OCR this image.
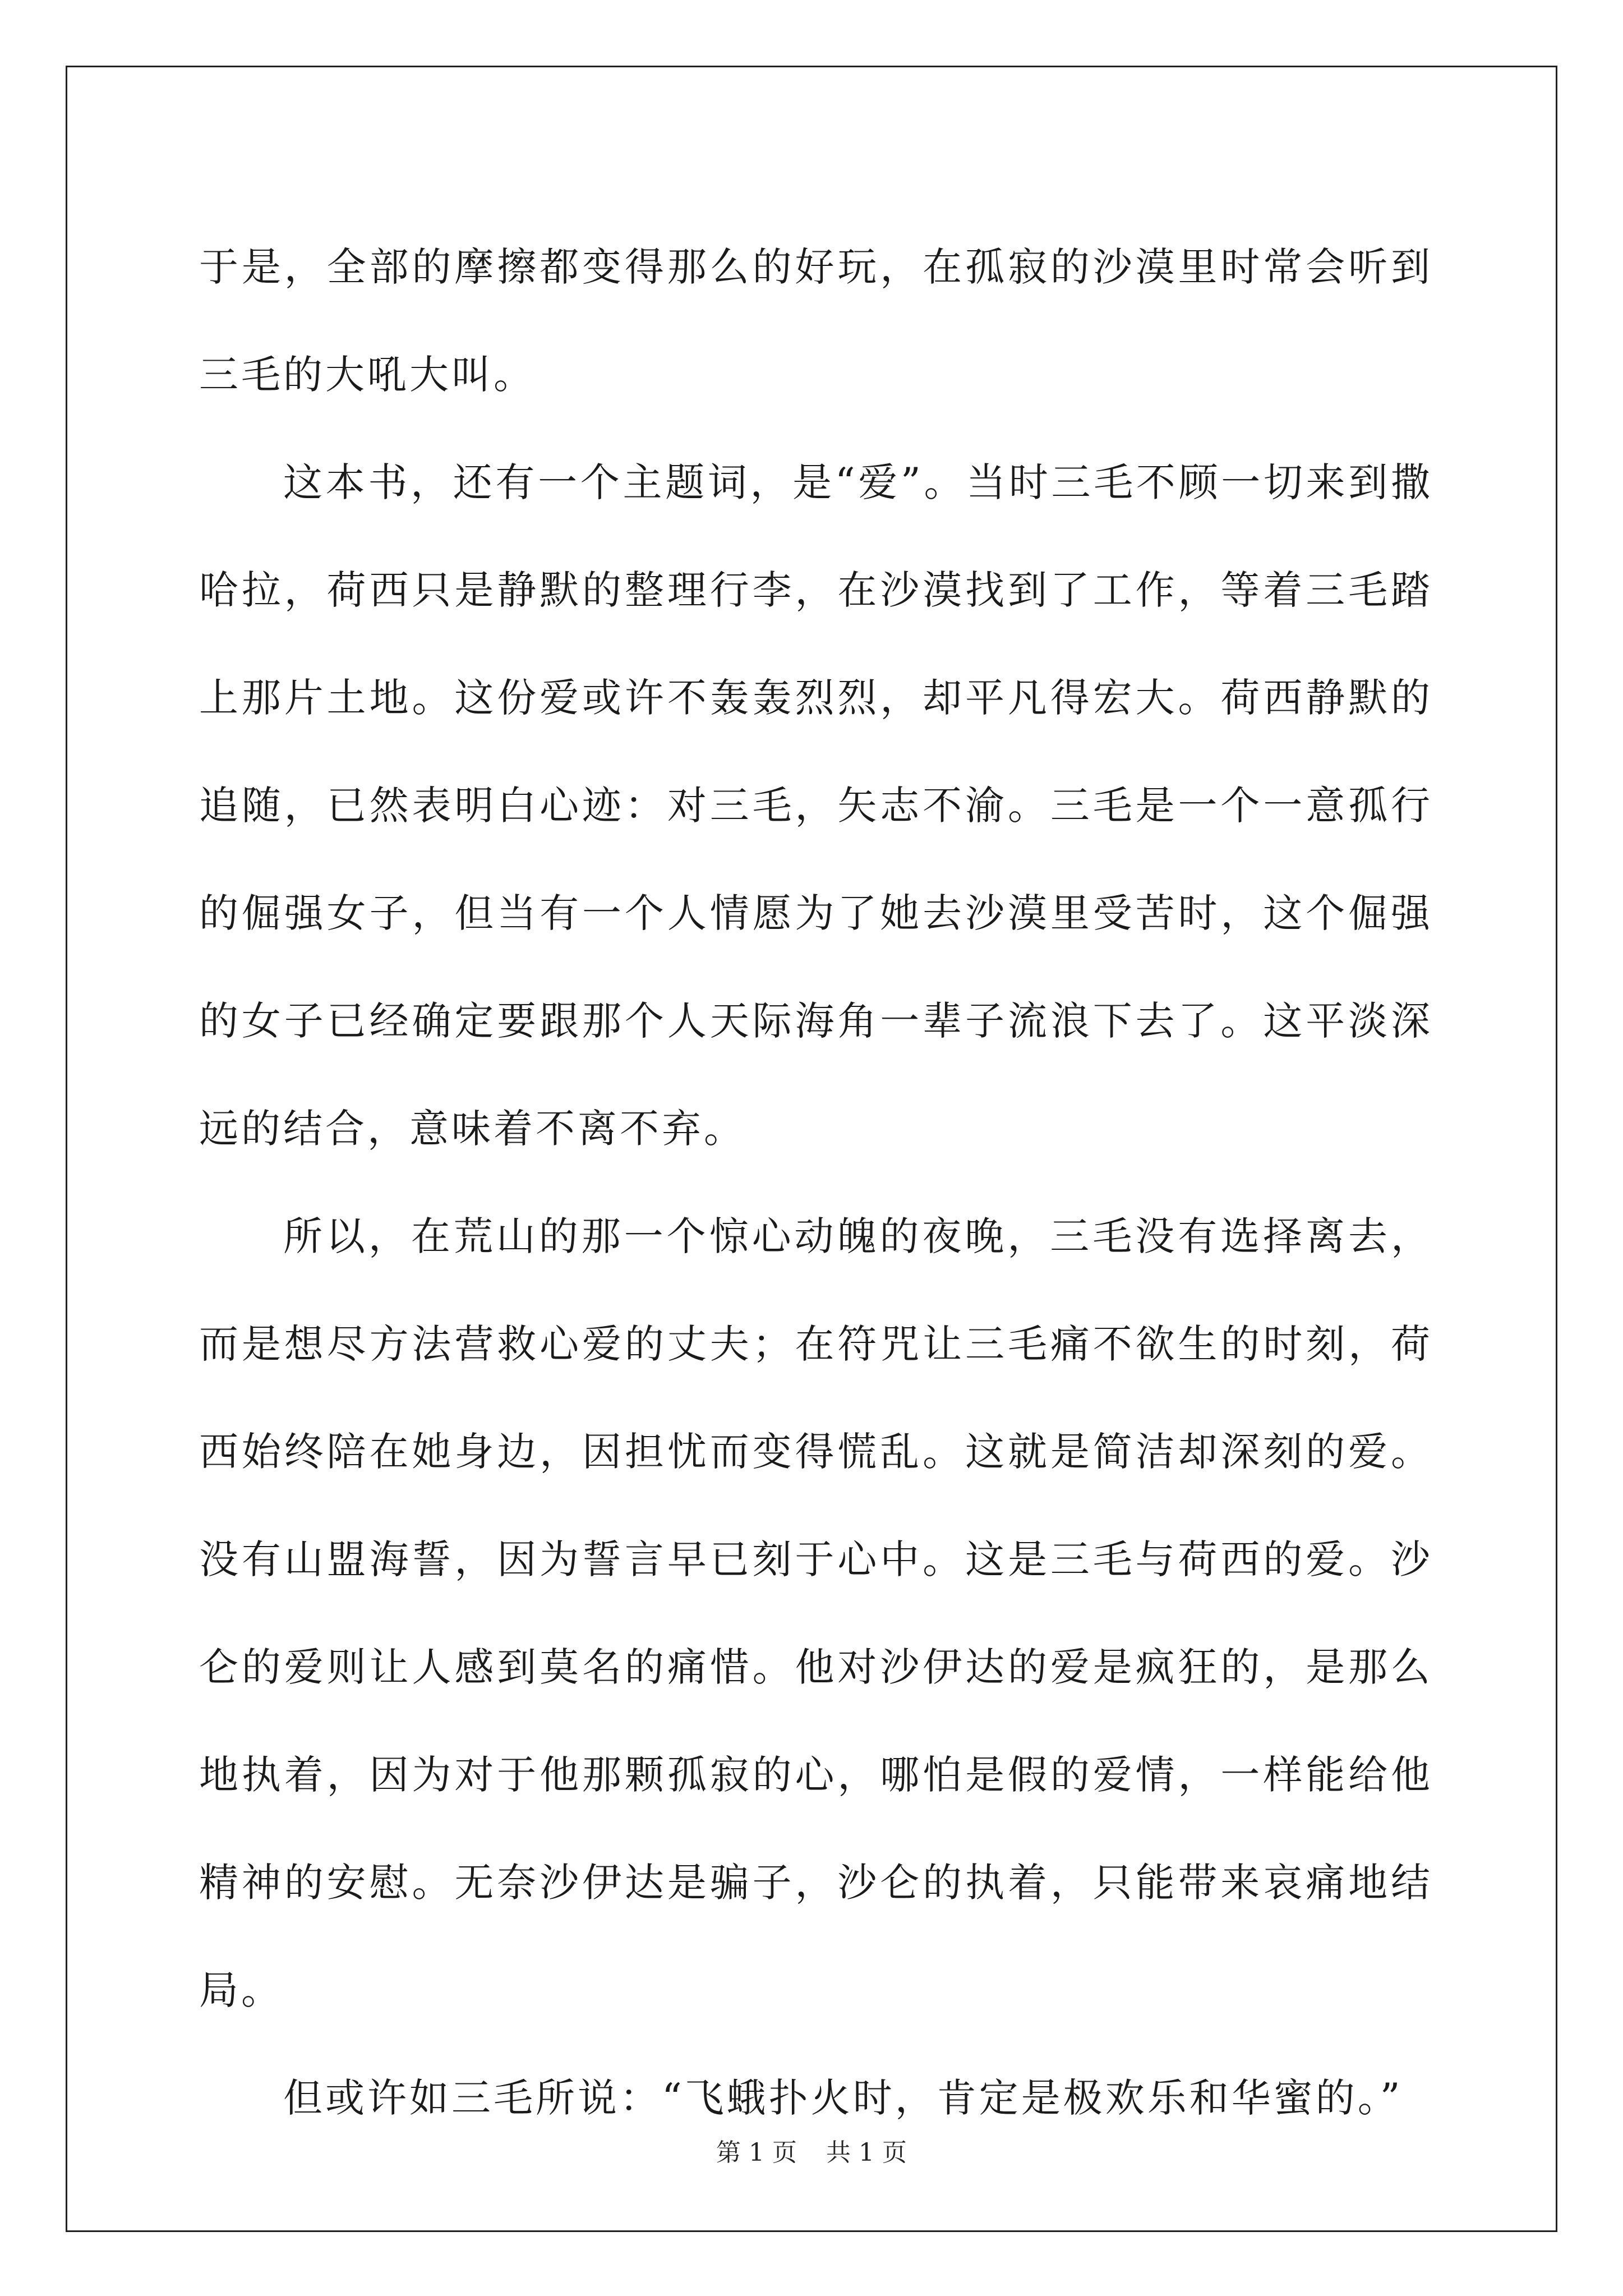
于是，全部的摩擦都变得那么的好玩，在孤寂的沙漠里时常会听到三毛的大吼大叫。

这本书，还有一个主题词，是“爱”。当时三毛不顾一切来到撒哈拉，荷西只是静默的整理行李，在沙漠找到了工作，等着三毛踏上那片土地。这份爱或许不轰轰烈烈，却平凡得宏大。荷西静默的追随，已然表明白心迹：对三毛，矢志不渝。三毛是一个一意孤行的倔强女子，但当有一个人情愿为了她去沙漠里受苦时，这个倔强的女子已经确定要跟那个人天际海角一辈子流浪下去了。这平淡深远的结合，意味着不离不弃。

所以，在荒山的那一个惊心动魄的夜晚，三毛没有选择离去，而是想尽方法营救心爱的丈夫；在符咒让三毛痛不欲生的时刻，荷西始终陪在她身边，因担忧而变得慌乱。这就是简洁却深刻的爱。没有山盟海誓，因为誓言早已刻于心中。这是三毛与荷西的爱。沙仑的爱则让人感到莫名的痛惜。他对沙伊达的爱是疯狂的，是那么地执着，因为对于他那颗孤寂的心，哪怕是假的爱情，一样能给他精神的安慰。无奈沙伊达是骗子，沙仑的执着，只能带来哀痛地结局。

但或许如三毛所说：“飞蛾扑火时，肯定是极欢乐和华蜜的。”

第 1 页 共 1 页
